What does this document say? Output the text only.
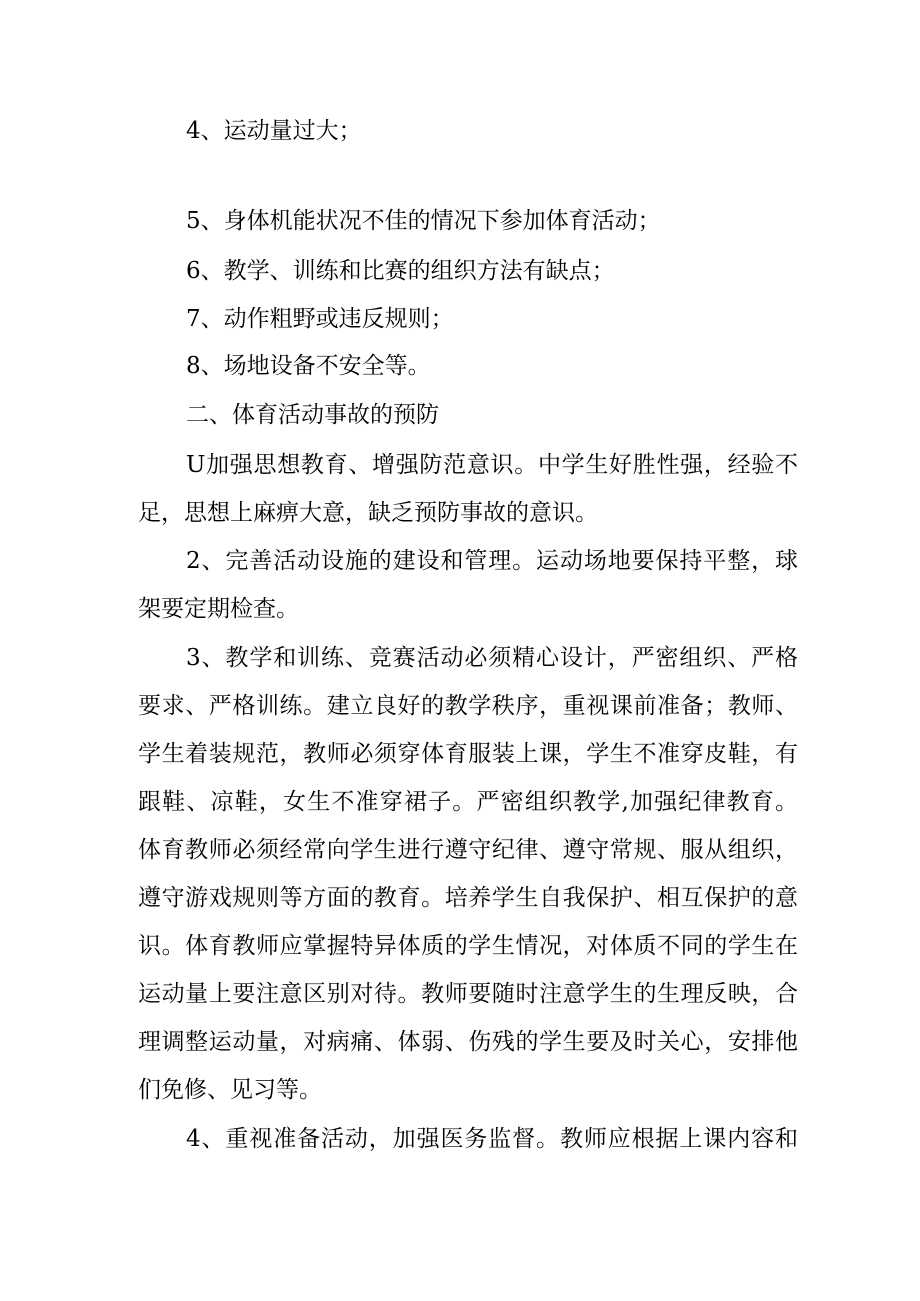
4、运动量过大；

5、身体机能状况不佳的情况下参加体育活动；

6、教学、训练和比赛的组织方法有缺点；

7、动作粗野或违反规则；

8、场地设备不安全等。

二、体育活动事故的预防

U加强思想教育、增强防范意识。中学生好胜性强，经验不

足，思想上麻痹大意，缺乏预防事故的意识。

2、完善活动设施的建设和管理。运动场地要保持平整，球

架要定期检查。

3、教学和训练、竞赛活动必须精心设计，严密组织、严格

要求、严格训练。建立良好的教学秩序，重视课前准备；教师、

学生着装规范，教师必须穿体育服装上课，学生不准穿皮鞋，有

跟鞋、凉鞋，女生不准穿裙子。严密组织教学,加强纪律教育。

体育教师必须经常向学生进行遵守纪律、遵守常规、服从组织，

遵守游戏规则等方面的教育。培养学生自我保护、相互保护的意

识。体育教师应掌握特异体质的学生情况，对体质不同的学生在

运动量上要注意区别对待。教师要随时注意学生的生理反映，合

理调整运动量，对病痛、体弱、伤残的学生要及时关心，安排他

们免修、见习等。

4、重视准备活动，加强医务监督。教师应根据上课内容和
